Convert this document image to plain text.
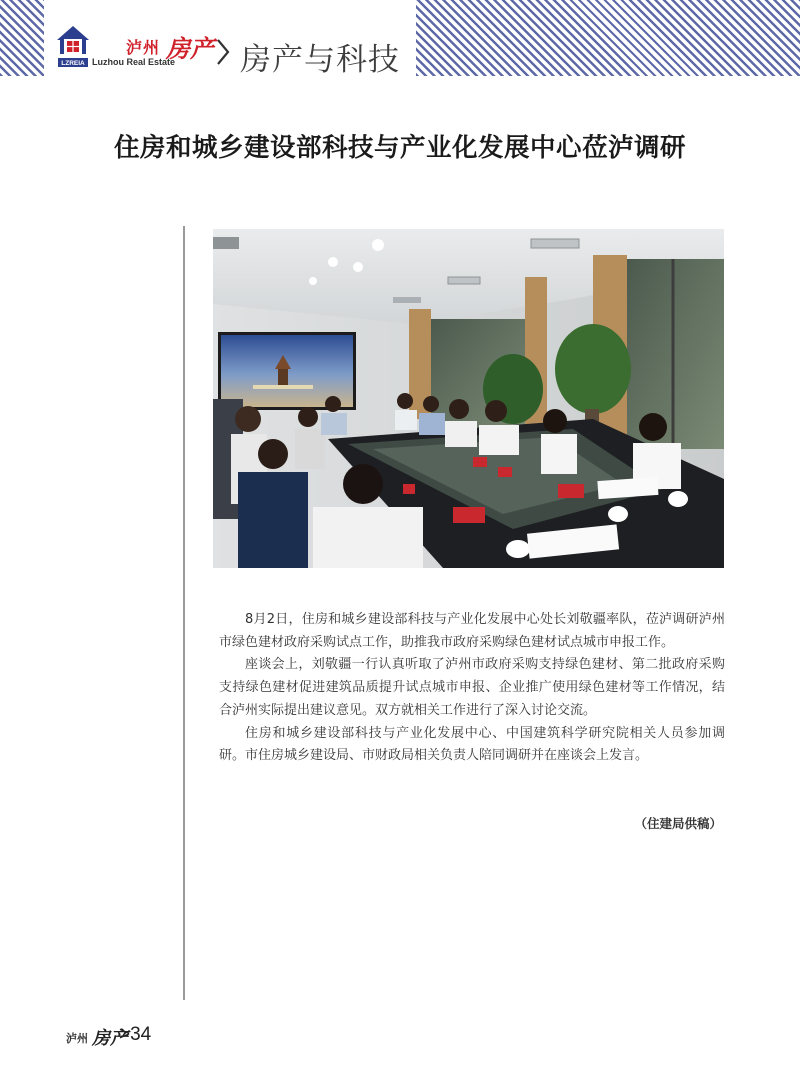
LZREIA
泸州 房产
Luzhou Real Estate 房产与科技
住房和城乡建设部科技与产业化发展中心莅泸调研

8月2日，住房和城乡建设部科技与产业化发展中心处长刘敬疆率队，莅泸调研泸州市绿色建材政府采购试点工作，助推我市政府采购绿色建材试点城市申报工作。

座谈会上，刘敬疆一行认真听取了泸州市政府采购支持绿色建材、第二批政府采购支持绿色建材促进建筑品质提升试点城市申报、企业推广使用绿色建材等工作情况，结合泸州实际提出建议意见。双方就相关工作进行了深入讨论交流。

住房和城乡建设部科技与产业化发展中心、中国建筑科学研究院相关人员参加调研。市住房城乡建设局、市财政局相关负责人陪同调研并在座谈会上发言。

（住建局供稿）
泸州 房产
>34
